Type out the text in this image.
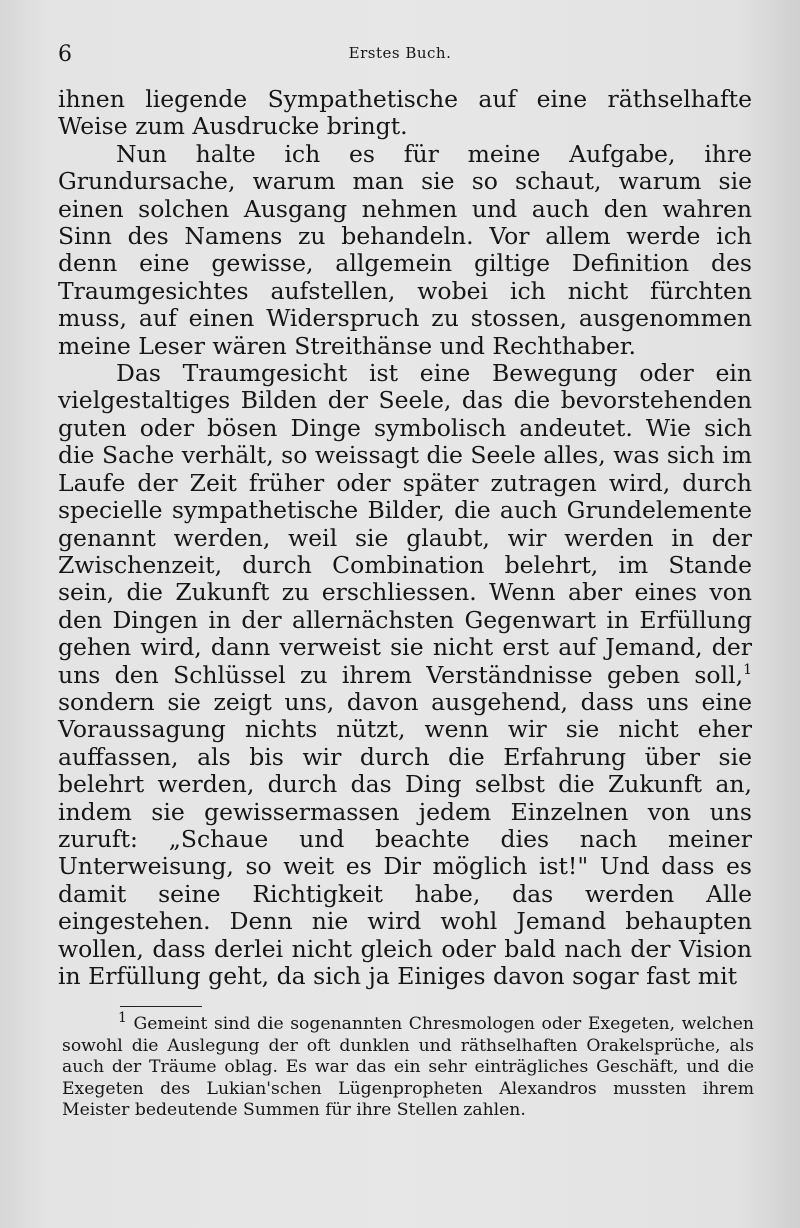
6	Erstes Buch.

ihnen liegende Sympathetische auf eine räthselhafte Weise zum Ausdrucke bringt.

Nun halte ich es für meine Aufgabe, ihre Grundursache, warum man sie so schaut, warum sie einen solchen Ausgang nehmen und auch den wahren Sinn des Namens zu behandeln. Vor allem werde ich denn eine gewisse, allgemein giltige Definition des Traumgesichtes aufstellen, wobei ich nicht fürchten muss, auf einen Widerspruch zu stossen, ausgenommen meine Leser wären Streithänse und Rechthaber.

Das Traumgesicht ist eine Bewegung oder ein vielgestaltiges Bilden der Seele, das die bevorstehenden guten oder bösen Dinge symbolisch andeutet. Wie sich die Sache verhält, so weissagt die Seele alles, was sich im Laufe der Zeit früher oder später zutragen wird, durch specielle sympathetische Bilder, die auch Grundelemente genannt werden, weil sie glaubt, wir werden in der Zwischenzeit, durch Combination belehrt, im Stande sein, die Zukunft zu erschliessen. Wenn aber eines von den Dingen in der allernächsten Gegenwart in Erfüllung gehen wird, dann verweist sie nicht erst auf Jemand, der uns den Schlüssel zu ihrem Verständnisse geben soll,$^1$ sondern sie zeigt uns, davon ausgehend, dass uns eine Voraussagung nichts nützt, wenn wir sie nicht eher auffassen, als bis wir durch die Erfahrung über sie belehrt werden, durch das Ding selbst die Zukunft an, indem sie gewissermassen jedem Einzelnen von uns zuruft: „Schaue und beachte dies nach meiner Unterweisung, so weit es Dir möglich ist!" Und dass es damit seine Richtigkeit habe, das werden Alle eingestehen. Denn nie wird wohl Jemand behaupten wollen, dass derlei nicht gleich oder bald nach der Vision in Erfüllung geht, da sich ja Einiges davon sogar fast mit

$^1$ Gemeint sind die sogenannten Chresmologen oder Exegeten, welchen sowohl die Auslegung der oft dunklen und räthselhaften Orakelsprüche, als auch der Träume oblag. Es war das ein sehr einträgliches Geschäft, und die Exegeten des Lukian'schen Lügenpropheten Alexandros mussten ihrem Meister bedeutende Summen für ihre Stellen zahlen.
